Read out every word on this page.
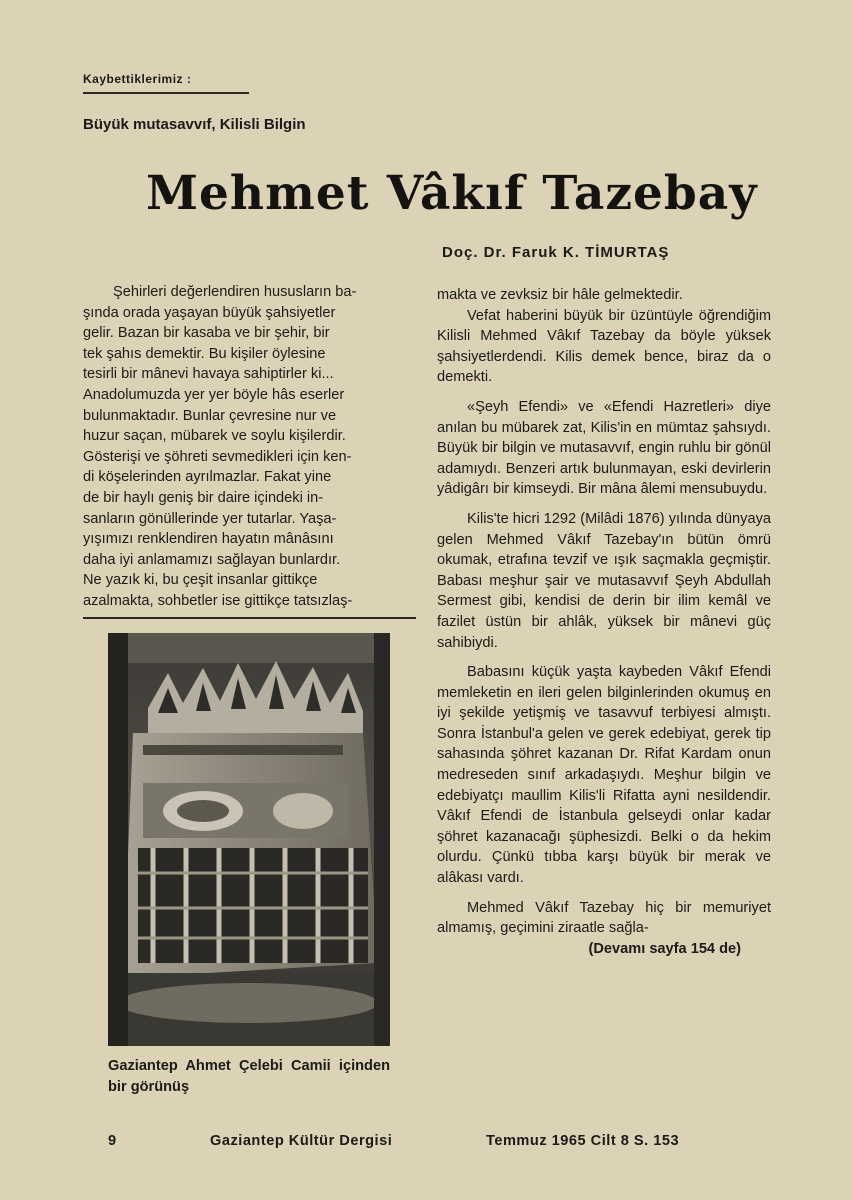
Kaybettiklerimiz :
Büyük mutasavvıf, Kilisli Bilgin
Mehmet Vâkıf Tazebay
Doç. Dr. Faruk K. TİMURTAŞ

Şehirleri değerlendiren hususların ba-

şında orada yaşayan büyük şahsiyetler

gelir. Bazan bir kasaba ve bir şehir, bir

tek şahıs demektir. Bu kişiler öylesine

tesirli bir mânevi havaya sahiptirler ki...

Anadolumuzda yer yer böyle hâs eserler

bulunmaktadır. Bunlar çevresine nur ve

huzur saçan, mübarek ve soylu kişilerdir.

Gösterişi ve şöhreti sevmedikleri için ken-

di köşelerinden ayrılmazlar. Fakat yine

de bir haylı geniş bir daire içindeki in-

sanların gönüllerinde yer tutarlar. Yaşa-

yışımızı renklendiren hayatın mânâsını

daha iyi anlamamızı sağlayan bunlardır.

Ne yazık ki, bu çeşit insanlar gittikçe

azalmakta, sohbetler ise gittikçe tatsızlaş-

Gaziantep Ahmet Çelebi Camii içinden bir görünüş

makta ve zevksiz bir hâle gelmektedir.

Vefat haberini büyük bir üzüntüyle öğrendiğim Kilisli Mehmed Vâkıf Tazebay da böyle yüksek şahsiyetlerdendi. Kilis demek bence, biraz da o demekti.

«Şeyh Efendi» ve «Efendi Hazretleri» diye anılan bu mübarek zat, Kilis'in en mümtaz şahsıydı. Büyük bir bilgin ve mutasavvıf, engin ruhlu bir gönül adamıydı. Benzeri artık bulunmayan, eski devirlerin yâdigârı bir kimseydi. Bir mâna âlemi mensubuydu.

Kilis'te hicri 1292 (Milâdi 1876) yılında dünyaya gelen Mehmed Vâkıf Tazebay'ın bütün ömrü okumak, etrafına tevzif ve ışık saçmakla geçmiştir. Babası meşhur şair ve mutasavvıf Şeyh Abdullah Sermest gibi, kendisi de derin bir ilim kemâl ve fazilet üstün bir ahlâk, yüksek bir mânevi güç sahibiydi.

Babasını küçük yaşta kaybeden Vâkıf Efendi memleketin en ileri gelen bilginlerinden okumuş en iyi şekilde yetişmiş ve tasavvuf terbiyesi almıştı. Sonra İstanbul'a gelen ve gerek edebiyat, gerek tip sahasında şöhret kazanan Dr. Rifat Kardam onun medreseden sınıf arkadaşıydı. Meşhur bilgin ve edebiyatçı maullim Kilis'li Rifatta ayni nesildendir. Vâkıf Efendi de İstanbula gelseydi onlar kadar şöhret kazanacağı şüphesizdi. Belki o da hekim olurdu. Çünkü tıbba karşı büyük bir merak ve alâkası vardı.

Mehmed Vâkıf Tazebay hiç bir memuriyet almamış, geçimini ziraatle sağla-

(Devamı sayfa 154 de)

9	Gaziantep Kültür Dergisi	Temmuz 1965 Cilt 8 S. 153
